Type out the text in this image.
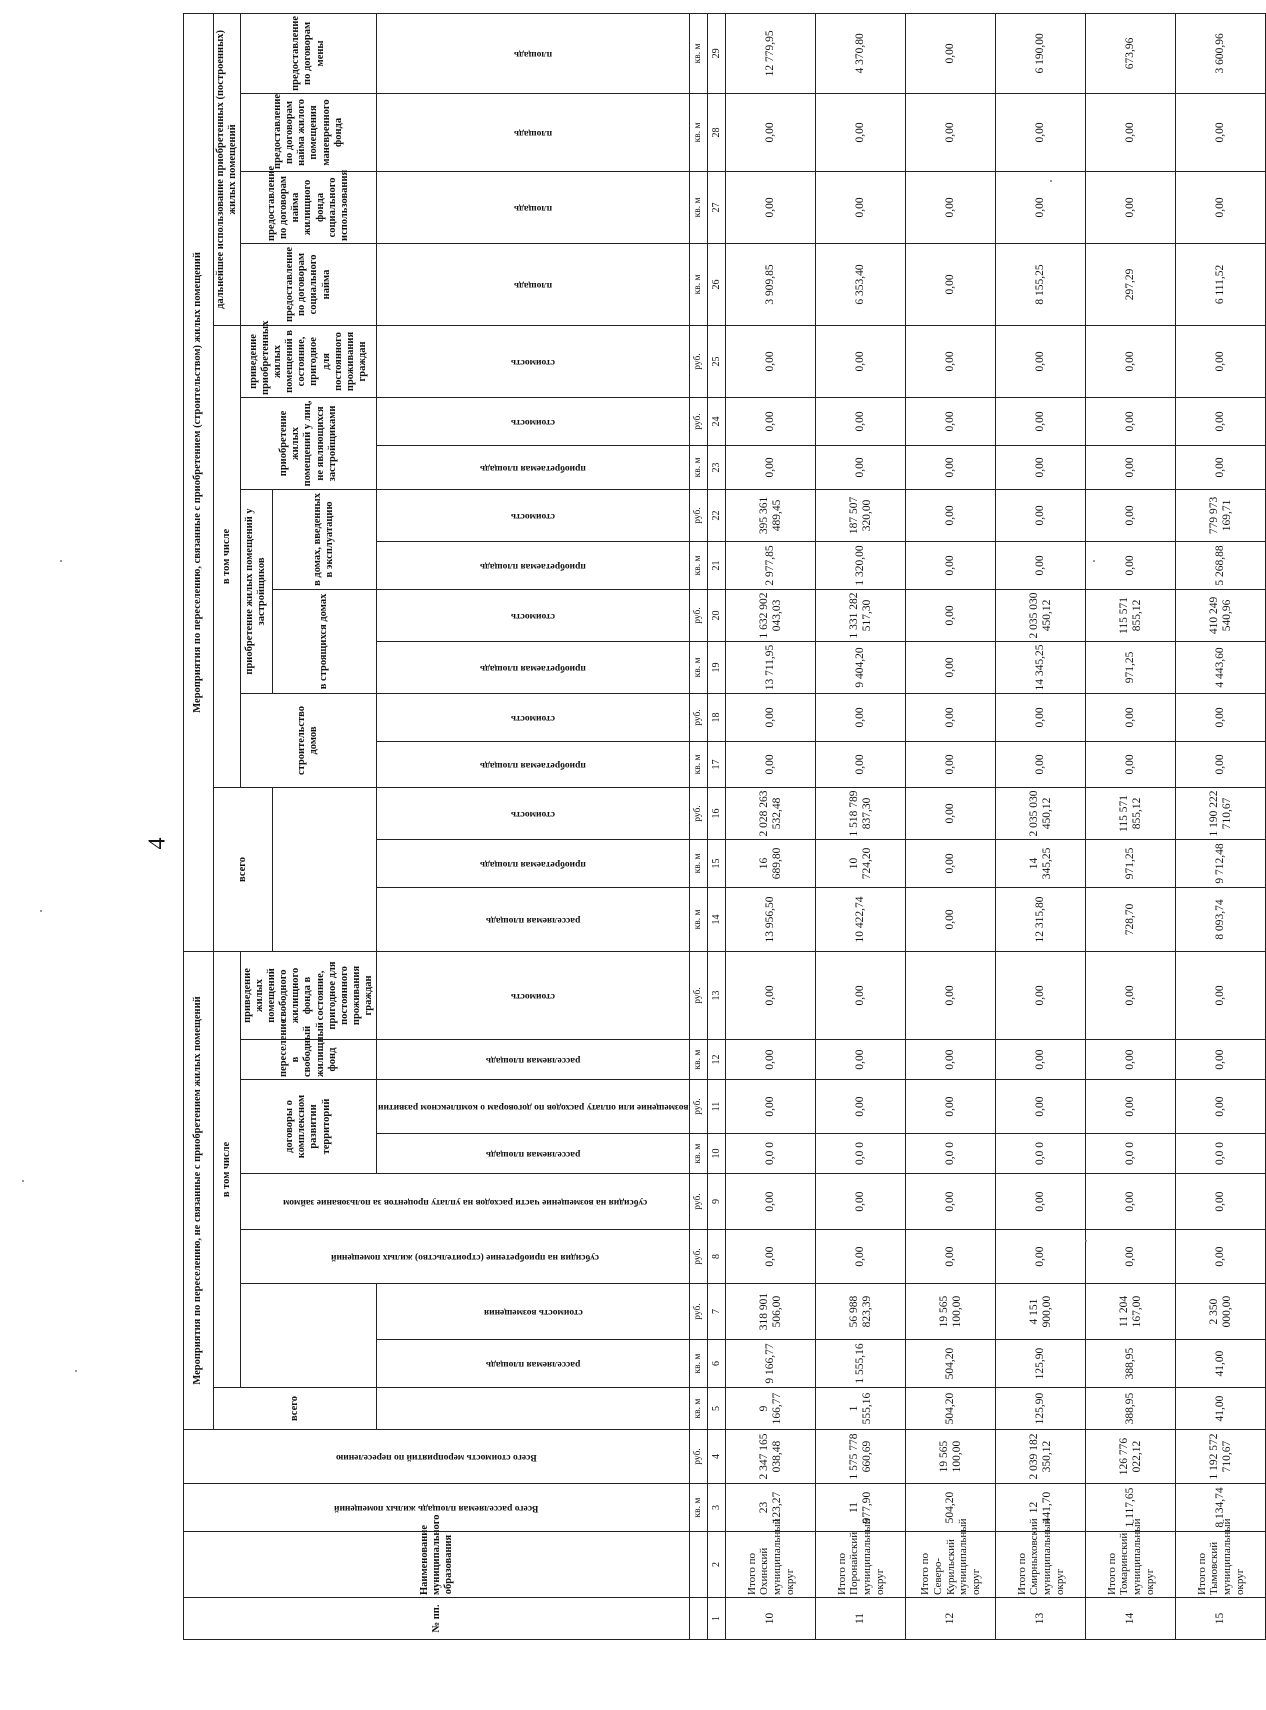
4
№ пп.	Наименование муниципального образования	Всего расселяемая площадь жилых помещений	Всего стоимость мероприятий по переселению	Мероприятия по переселению, не связанные с приобретением жилых помещений									Мероприятия по переселению, связанные с приобретением (строительством) жилых помещений															
				всего	в том числе								всего			в том числе									дальнейшее использование приобретенных (построенных) жилых помещений			

							субсидия на приобретение (строительство) жилых помещений	субсидия на возмещение части расходов на уплату процентов за пользование займом	договоры о комплексном развитии территорий		переселение в свободный жилищный фонд	приведение жилых помещений свободного жилищного фонда в состояние, пригодное для постоянного проживания граждан				строительство домов		приобретение жилых помещений у застройщиков				приобретение жилых помещений у лиц, не являющихся застройщиками		приведение приобретенных жилых помещений в состояние, пригодное для постоянного проживания граждан	предоставление по договорам социального найма	предоставление по договорам найма жилищного фонда социального использования	предоставление по договорам найма жилого помещения маневренного фонда	предоставление по договорам мены
																		в строящихся домах		в домах, введенных в эксплуатацию								

					расселяемая площадь	стоимость возмещения			расселяемая площадь	возмещение или оплату расходов по договорам о комплексном развитии	расселяемая площадь	стоимость	расселяемая площадь	приобретаемая площадь	стоимость	приобретаемая площадь	стоимость	приобретаемая площадь	стоимость	приобретаемая площадь	стоимость	приобретаемая площадь	стоимость	стоимость	площадь	площадь	площадь	площадь

		кв. м	руб.	кв. м	кв. м	руб.	руб.	руб.	кв. м	руб.	кв. м	руб.	кв. м	кв. м	руб.	кв. м	руб.	кв. м	руб.	кв. м	руб.	кв. м	руб.	руб.	кв. м	кв. м	кв. м	кв. м
1	2	3	4	5	6	7	8	9	10	11	12	13	14	15	16	17	18	19	20	21	22	23	24	25	26	27	28	29
10	Итого по Охинский муниципальный округ	23 123,27	2 347 165 038,48	9 166,77	9 166,77	318 901 506,00	0,00	0,00	0,0 0	0,00	0,00	0,00	13 956,50	16 689,80	2 028 263 532,48	0,00	0,00	13 711,95	1 632 902 043,03	2 977,85	395 361 489,45	0,00	0,00	0,00	3 909,85	0,00	0,00	12 779,95
11	Итого по Поронайский муниципальный округ	11 977,90	1 575 778 660,69	1 555,16	1 555,16	56 988 823,39	0,00	0,00	0,0 0	0,00	0,00	0,00	10 422,74	10 724,20	1 518 789 837,30	0,00	0,00	9 404,20	1 331 282 517,30	1 320,00	187 507 320,00	0,00	0,00	0,00	6 353,40	0,00	0,00	4 370,80
12	Итого по Северо-Курильский муниципальный округ	504,20	19 565 100,00	504,20	504,20	19 565 100,00	0,00	0,00	0,0 0	0,00	0,00	0,00	0,00	0,00	0,00	0,00	0,00	0,00	0,00	0,00	0,00	0,00	0,00	0,00	0,00	0,00	0,00	0,00
13	Итого по Смирныховский муниципальный округ	12 441,70	2 039 182 350,12	125,90	125,90	4 151 900,00	0,00	0,00	0,0 0	0,00	0,00	0,00	12 315,80	14 345,25	2 035 030 450,12	0,00	0,00	14 345,25	2 035 030 450,12	0,00	0,00	0,00	0,00	0,00	8 155,25	0,00	0,00	6 190,00
14	Итого по Томаринский муниципальный округ	1 117,65	126 776 022,12	388,95	388,95	11 204 167,00	0,00	0,00	0,0 0	0,00	0,00	0,00	728,70	971,25	115 571 855,12	0,00	0,00	971,25	115 571 855,12	0,00	0,00	0,00	0,00	0,00	297,29	0,00	0,00	673,96
15	Итого по Тымовский муниципальный округ	8 134,74	1 192 572 710,67	41,00	41,00	2 350 000,00	0,00	0,00	0,0 0	0,00	0,00	0,00	8 093,74	9 712,48	1 190 222 710,67	0,00	0,00	4 443,60	410 249 540,96	5 268,88	779 973 169,71	0,00	0,00	0,00	6 111,52	0,00	0,00	3 600,96
